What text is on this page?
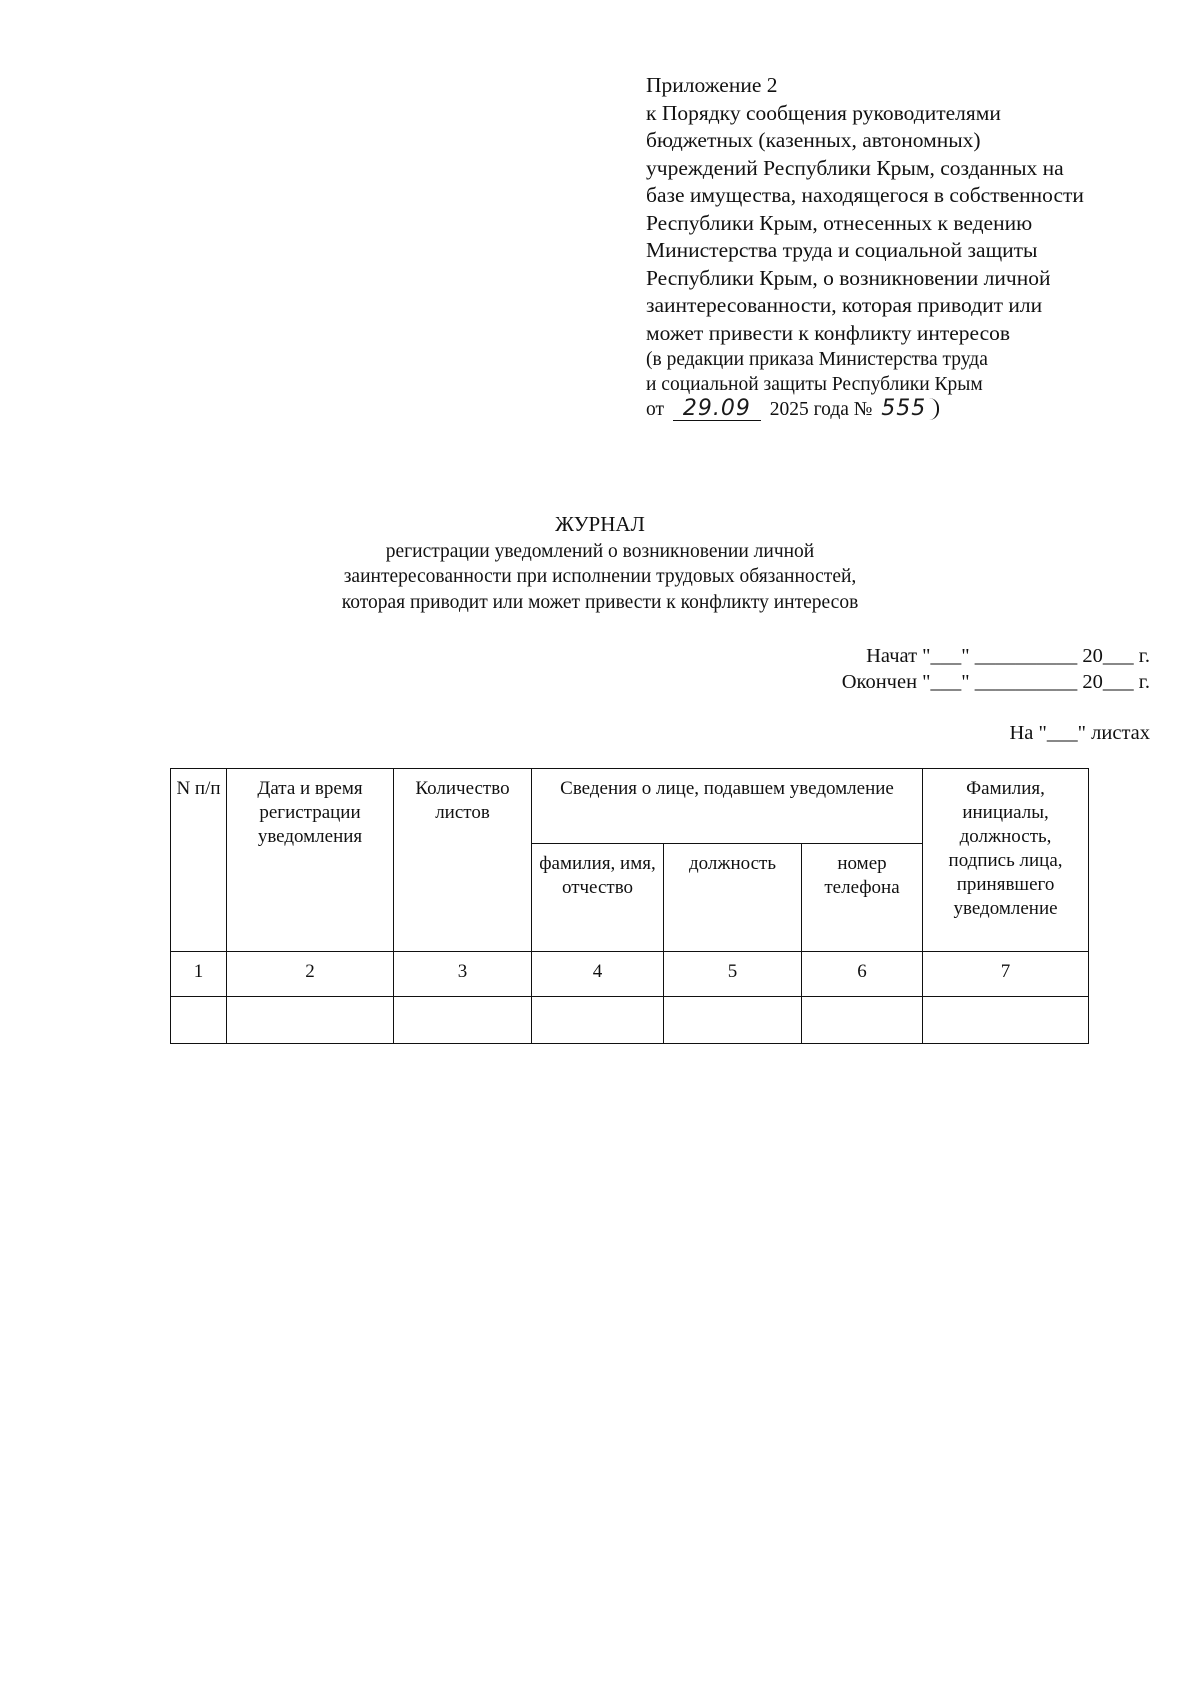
Приложение 2
к Порядку сообщения руководителями
бюджетных (казенных, автономных)
учреждений Республики Крым, созданных на
базе имущества, находящегося в собственности
Республики Крым, отнесенных к ведению
Министерства труда и социальной защиты
Республики Крым, о возникновении личной
заинтересованности, которая приводит или
может привести к конфликту интересов
(в редакции приказа Министерства труда
и социальной защиты Республики Крым
от 29.09 2025 года № 555
ЖУРНАЛ
регистрации уведомлений о возникновении личной
заинтересованности при исполнении трудовых обязанностей,
которая приводит или может привести к конфликту интересов
Начат "___" __________ 20___ г.
Окончен "___" __________ 20___ г.
На "___" листах
N п/п	Дата и время регистрации уведомления	Количество листов	Сведения о лице, подавшем уведомление			Фамилия, инициалы, должность, подпись лица, принявшего уведомление
			фамилия, имя, отчество	должность	номер телефона	
1	2	3	4	5	6	7
